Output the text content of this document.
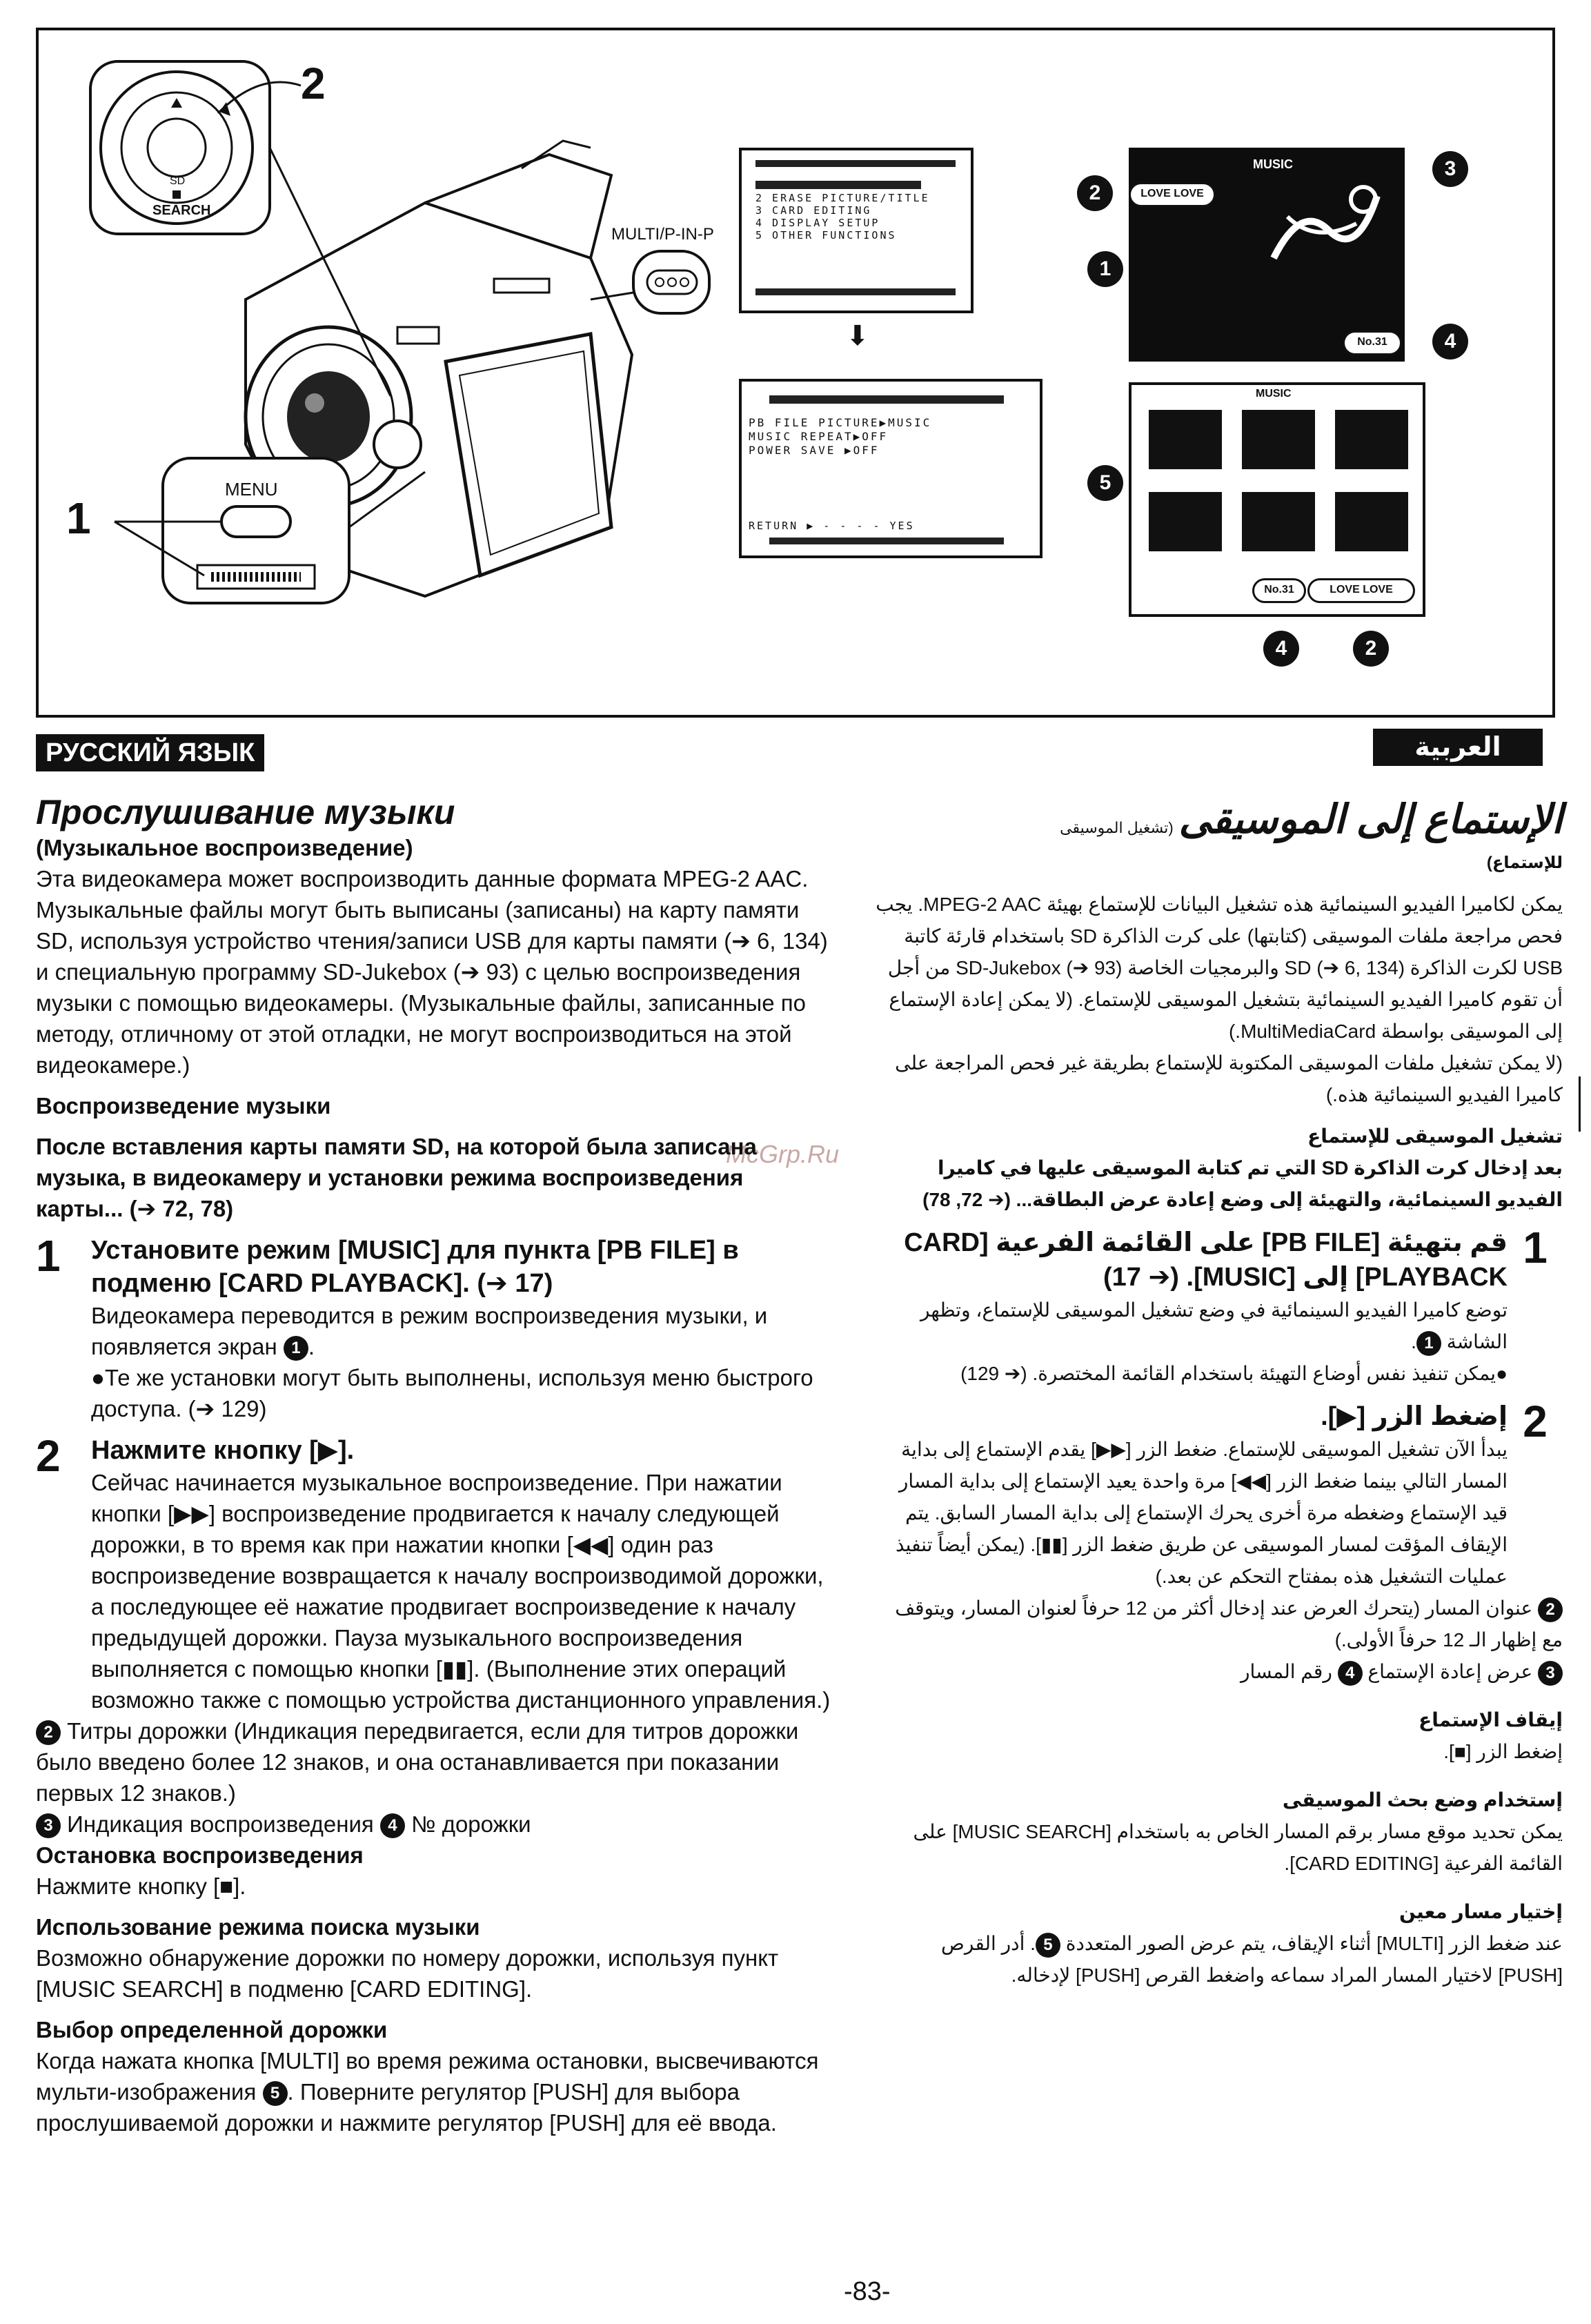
SEARCH
SD
2
MENU
1
MULTI/P-IN-P
2 ERASE PICTURE/TITLE
3 CARD EDITING
4 DISPLAY SETUP
5 OTHER FUNCTIONS
⬇
PB FILE PICTURE▶MUSIC
MUSIC REPEAT▶OFF
POWER SAVE ▶OFF
RETURN ▶ - - - - YES
MUSIC
LOVE LOVE
No.31
MUSIC
No.31	LOVE LOVE
2
3
1
4
5
4	2
РУССКИЙ ЯЗЫК	العربية
McGrp.Ru

Прослушивание музыки

(Музыкальное воспроизведение)

Эта видеокамера может воспроизводить данные формата MPEG-2 AAC. Музыкальные файлы могут быть выписаны (записаны) на карту памяти SD, используя устройство чтения/записи USB для карты памяти (➔ 6, 134) и специальную программу SD-Jukebox (➔ 93) с целью воспроизведения музыки с помощью видеокамеры. (Музыкальные файлы, записанные по методу, отличному от этой отладки, не могут воспроизводиться на этой видеокамере.)

Воспроизведение музыки

После вставления карты памяти SD, на которой была записана музыка, в видеокамеру и установки режима воспроизведения карты... (➔ 72, 78)

1	Установите режим [MUSIC] для пункта [PB FILE] в подменю [CARD PLAYBACK]. (➔ 17)

Видеокамера переводится в режим воспроизведения музыки, и появляется экран 1 .

●Те же установки могут быть выполнены, используя меню быстрого доступа. (➔ 129)

2	Нажмите кнопку [▶].

Сейчас начинается музыкальное воспроизведение. При нажатии кнопки [▶▶] воспроизведение продвигается к началу следующей дорожки, в то время как при нажатии кнопки [◀◀] один раз воспроизведение возвращается к началу воспроизводимой дорожки, а последующее её нажатие продвигает воспроизведение к началу предыдущей дорожки. Пауза музыкального воспроизведения выполняется с помощью кнопки [▮▮]. (Выполнение этих операций возможно также с помощью устройства дистанционного управления.)

2 Титры дорожки (Индикация передвигается, если для титров дорожки было введено более 12 знаков, и она останавливается при показании первых 12 знаков.)

3 Индикация воспроизведения 4 № дорожки

Остановка воспроизведения

Нажмите кнопку [■].

Использование режима поиска музыки

Возможно обнаружение дорожки по номеру дорожки, используя пункт [MUSIC SEARCH] в подменю [CARD EDITING].

Выбор определенной дорожки

Когда нажата кнопка [MULTI] во время режима остановки, высвечиваются мульти-изображения 5 . Поверните регулятор [PUSH] для выбора прослушиваемой дорожки и нажмите регулятор [PUSH] для её ввода.

الإستماع إلى الموسيقى (تشغيل الموسيقى

للإستماع)

يمكن لكاميرا الفيديو السينمائية هذه تشغيل البيانات للإستماع بهيئة MPEG-2 AAC. يجب فحص مراجعة ملفات الموسيقى (كتابتها) على كرت الذاكرة SD باستخدام قارئة كاتبة USB لكرت الذاكرة SD (➔ 6, 134) والبرمجيات الخاصة SD-Jukebox (➔ 93) من أجل أن تقوم كاميرا الفيديو السينمائية بتشغيل الموسيقى للإستماع. (لا يمكن إعادة الإستماع إلى الموسيقى بواسطة MultiMediaCard.)

(لا يمكن تشغيل ملفات الموسيقى المكتوبة للإستماع بطريقة غير فحص المراجعة على كاميرا الفيديو السينمائية هذه.)

تشغيل الموسيقى للإستماع

بعد إدخال كرت الذاكرة SD التي تم كتابة الموسيقى عليها في كاميرا الفيديو السينمائية، والتهيئة إلى وضع إعادة عرض البطاقة... (➔ 72, 78)

1

قم بتهيئة [PB FILE] على القائمة الفرعية [CARD PLAYBACK] إلى [MUSIC]. (➔ 17)

توضع كاميرا الفيديو السينمائية في وضع تشغيل الموسيقى للإستماع، وتظهر الشاشة 1.

●يمكن تنفيذ نفس أوضاع التهيئة باستخدام القائمة المختصرة. (➔ 129)

2

إضغط الزر [▶].

يبدأ الآن تشغيل الموسيقى للإستماع. ضغط الزر [▶▶] يقدم الإستماع إلى بداية المسار التالي بينما ضغط الزر [◀◀] مرة واحدة يعيد الإستماع إلى بداية المسار قيد الإستماع وضغطه مرة أخرى يحرك الإستماع إلى بداية المسار السابق. يتم الإيقاف المؤقت لمسار الموسيقى عن طريق ضغط الزر [▮▮]. (يمكن أيضاً تنفيذ عمليات التشغيل هذه بمفتاح التحكم عن بعد.)

2 عنوان المسار (يتحرك العرض عند إدخال أكثر من 12 حرفاً لعنوان المسار، ويتوقف مع إظهار الـ 12 حرفاً الأولى.)

3 عرض إعادة الإستماع 4 رقم المسار

إيقاف الإستماع

إضغط الزر [■].

إستخدام وضع بحث الموسيقى

يمكن تحديد موقع مسار برقم المسار الخاص به باستخدام [MUSIC SEARCH] على القائمة الفرعية [CARD EDITING].

إختيار مسار معين

عند ضغط الزر [MULTI] أثناء الإيقاف، يتم عرض الصور المتعددة 5. أدر القرص [PUSH] لاختيار المسار المراد سماعه واضغط القرص [PUSH] لإدخاله.

-83-
